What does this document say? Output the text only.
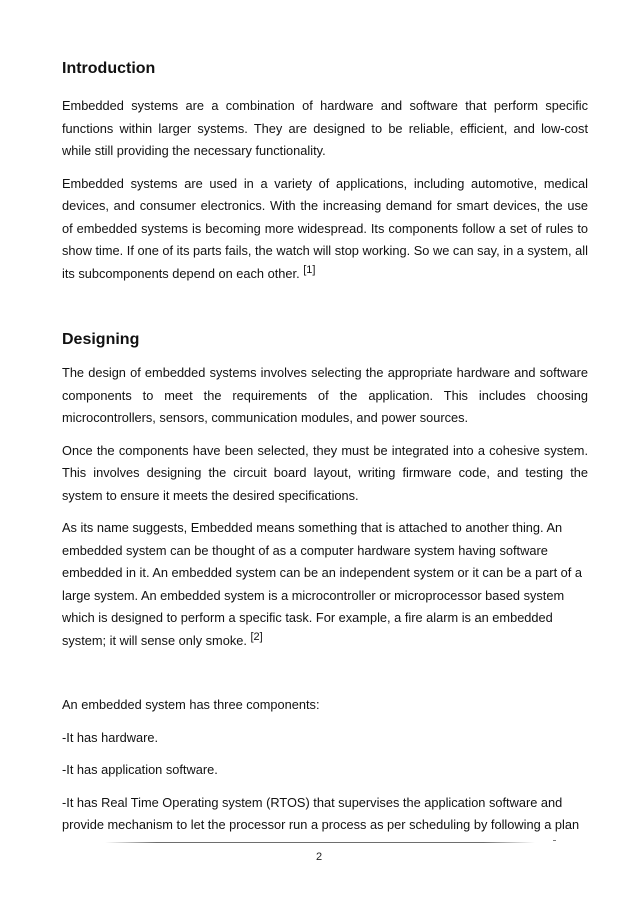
Introduction

Embedded systems are a combination of hardware and software that perform specific functions within larger systems. They are designed to be reliable, efficient, and low-cost while still providing the necessary functionality.

Embedded systems are used in a variety of applications, including automotive, medical devices, and consumer electronics. With the increasing demand for smart devices, the use of embedded systems is becoming more widespread. Its components follow a set of rules to show time. If one of its parts fails, the watch will stop working. So we can say, in a system, all its subcomponents depend on each other. [1]

Designing

The design of embedded systems involves selecting the appropriate hardware and software components to meet the requirements of the application. This includes choosing microcontrollers, sensors, communication modules, and power sources.

Once the components have been selected, they must be integrated into a cohesive system. This involves designing the circuit board layout, writing firmware code, and testing the system to ensure it meets the desired specifications.

As its name suggests, Embedded means something that is attached to another thing. An embedded system can be thought of as a computer hardware system having software embedded in it. An embedded system can be an independent system or it can be a part of a large system. An embedded system is a microcontroller or microprocessor based system which is designed to perform a specific task. For example, a fire alarm is an embedded system; it will sense only smoke. [2]

An embedded system has three components:

-It has hardware.

-It has application software.

-It has Real Time Operating system (RTOS) that supervises the application software and provide mechanism to let the processor run a process as per scheduling by following a plan

2
